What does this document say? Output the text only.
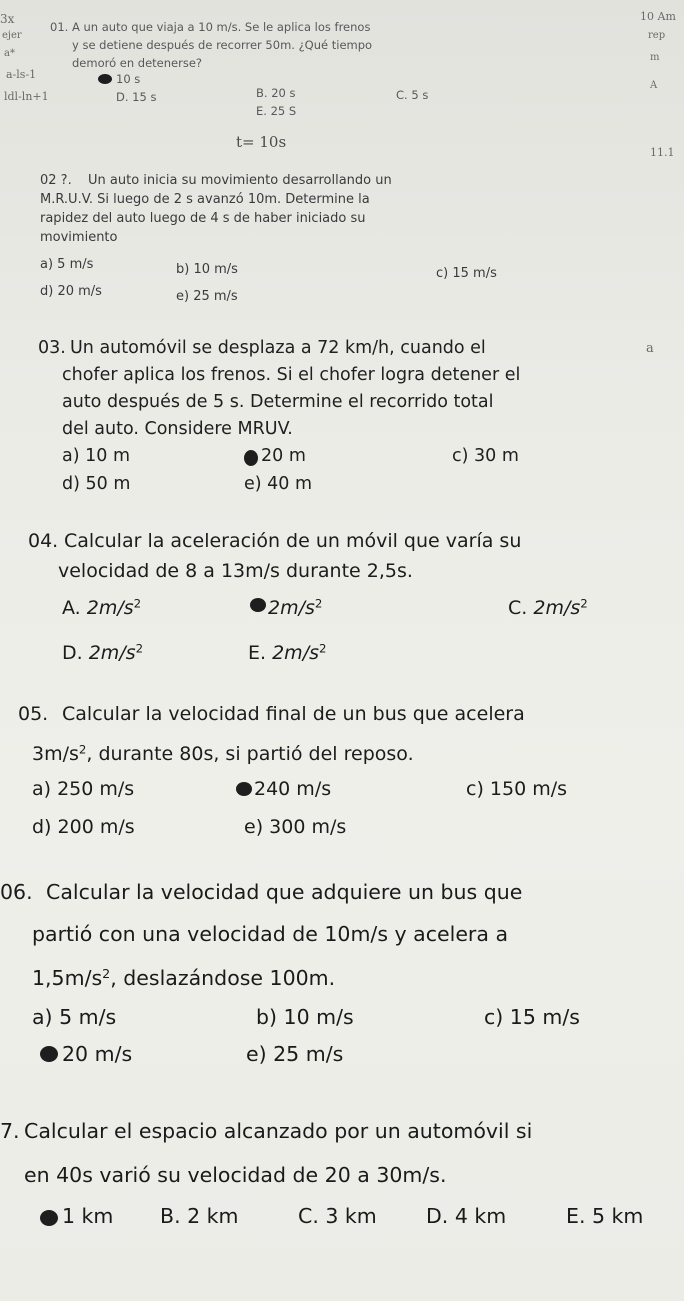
3x
ejer
a*
a-ls-1
ldl-ln+1
10 Am
rep
m
A
11.1
t= 10s
01. A un auto que viaja a 10 m/s. Se le aplica los frenos
y se detiene después de recorrer 50m. ¿Qué tiempo
demoró en detenerse?
10 s
B. 20 s	C. 5 s
D. 15 s
E. 25 S
02 ?. Un auto inicia su movimiento desarrollando un
M.R.U.V. Si luego de 2 s avanzó 10m. Determine la
rapidez del auto luego de 4 s de haber iniciado su
movimiento
a) 5 m/s	b) 10 m/s	c) 15 m/s
d) 20 m/s	e) 25 m/s
a
03. Un automóvil se desplaza a 72 km/h, cuando el
chofer aplica los frenos. Si el chofer logra detener el
auto después de 5 s. Determine el recorrido total
del auto. Considere MRUV.
a) 10 m	20 m	c) 30 m
d) 50 m	e) 40 m
04. Calcular la aceleración de un móvil que varía su
velocidad de 8 a 13m/s durante 2,5s.
A. $2m/s^2$	$2m/s^2$	C. $2m/s^2$
D. $2m/s^2$	E. $2m/s^2$
05. Calcular la velocidad final de un bus que acelera
$3m/s^2$, durante 80s, si partió del reposo.
a) 250 m/s	240 m/s	c) 150 m/s
d) 200 m/s	e) 300 m/s
06. Calcular la velocidad que adquiere un bus que
partió con una velocidad de 10m/s y acelera a
$1,5m/s^2$, deslazándose 100m.
a) 5 m/s	b) 10 m/s	c) 15 m/s
20 m/s	e) 25 m/s
7. Calcular el espacio alcanzado por un automóvil si
en 40s varió su velocidad de 20 a 30m/s.
1 km B. 2 km	C. 3 km D. 4 km	E. 5 km
